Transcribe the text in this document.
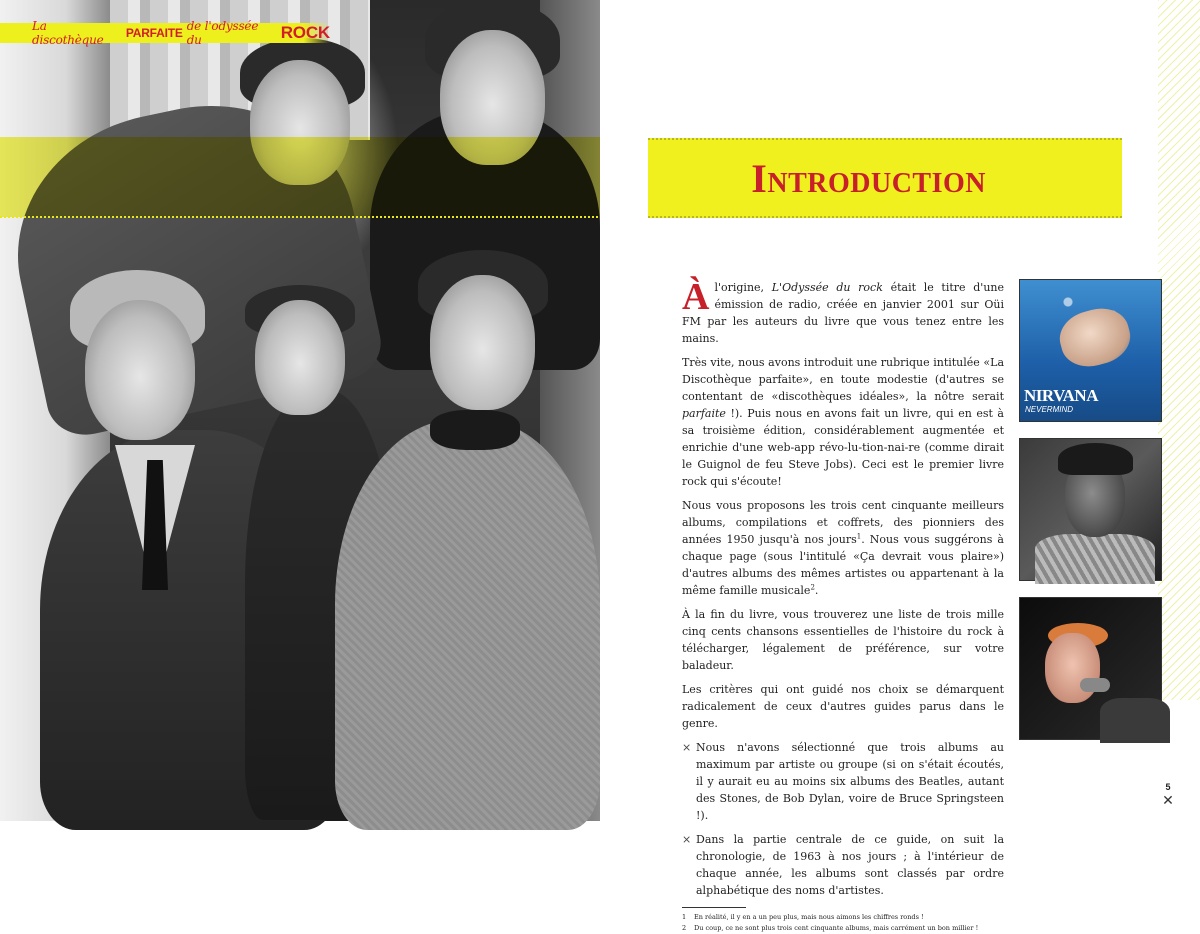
La discothèque	PARFAITE de l'odyssée du	ROCK
Introduction

À l'origine, L'Odyssée du rock était le titre d'une émission de radio, créée en janvier 2001 sur Oüi FM par les auteurs du livre que vous tenez entre les mains.

Très vite, nous avons introduit une rubrique intitulée «La Discothèque parfaite», en toute modestie (d'autres se contentant de «discothèques idéales», la nôtre serait parfaite !). Puis nous en avons fait un livre, qui en est à sa troisième édition, considérablement augmentée et enrichie d'une web-app révo-lu-tion-nai-re (comme dirait le Guignol de feu Steve Jobs). Ceci est le premier livre rock qui s'écoute!

Nous vous proposons les trois cent cinquante meilleurs albums, compilations et coffrets, des pionniers des années 1950 jusqu'à nos jours$^1$. Nous vous suggérons à chaque page (sous l'intitulé «Ça devrait vous plaire») d'autres albums des mêmes artistes ou appartenant à la même famille musicale$^2$.

À la fin du livre, vous trouverez une liste de trois mille cinq cents chansons essentielles de l'histoire du rock à télécharger, légalement de préférence, sur votre baladeur.

Les critères qui ont guidé nos choix se démarquent radicalement de ceux d'autres guides parus dans le genre.

× Nous n'avons sélectionné que trois albums au maximum par artiste ou groupe (si on s'était écoutés, il y aurait eu au moins six albums des Beatles, autant des Stones, de Bob Dylan, voire de Bruce Springsteen !).
× Dans la partie centrale de ce guide, on suit la chronologie, de 1963 à nos jours ; à l'intérieur de chaque année, les albums sont classés par ordre alphabétique des noms d'artistes.
1	En réalité, il y en a un peu plus, mais nous aimons les chiffres ronds !
2	Du coup, ce ne sont plus trois cent cinquante albums, mais carrément un bon millier !
NIRVANA
NEVERMIND
5
✕
